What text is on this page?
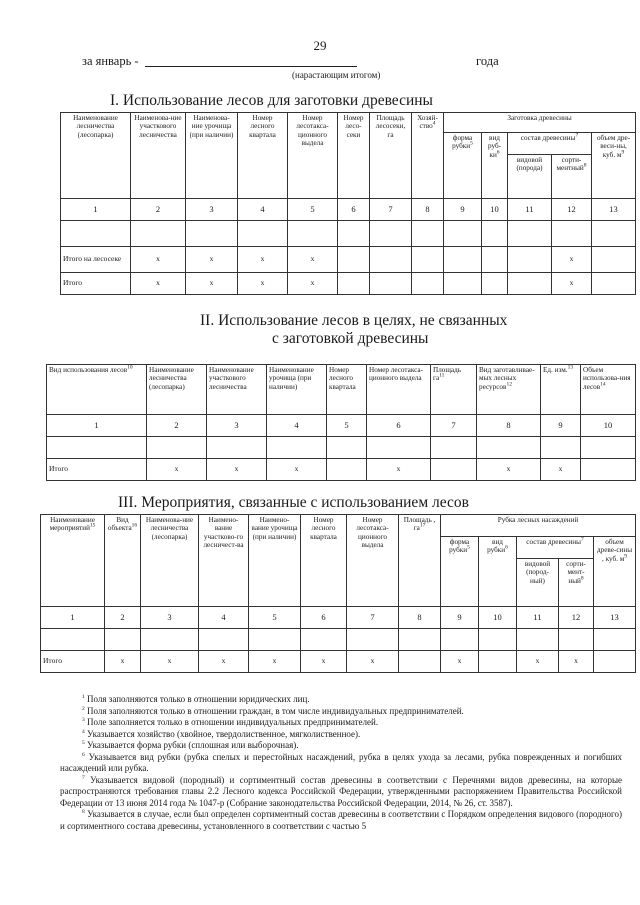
29
за январь -	года
(нарастающим итогом)
I. Использование лесов для заготовки древесины
Наименование лесничества (лесопарка)	Наименова-ние участкового лесничества	Наименова-ние урочища (при наличии)	Номер лесного квартала	Номер лесотакса-ционного выдела	Номер лесо-секи	Площадь лесосеки, га	Хозяй-ство$^4$	Заготовка древесины				
								форма рубки$^5$	вид руб-$ки^6$	состав древесины$^7$		объем дре-веси-ны, куб. $м^9$
										видовой (порода)	сорти-ментный$^8$
1	2	3	4	5	6	7	8	9	10	11	12	13

Итого на лесосеке	x	x	x	x							x	
Итого	x	x	x	x							x	
II. Использование лесов в целях, не связанных
с заготовкой древесины
Вид использования лесов$^{10}$	Наименование лесничества (лесопарка)	Наименование участкового лесничества	Наименование урочища (при наличии)	Номер лесного квартала	Номер лесотакса-ционного выдела	Площадь $га^{11}$	Вид заготавливае-мых лесных ресурсов$^{12}$	Ед. изм.$^{13}$	Объем использова-ния лесов$^{14}$
1	2	3	4	5	6	7	8	9	10

Итого	x	x	x		x		x	x	
III. Мероприятия, связанные с использованием лесов
Наименование мероприятий$^{15}$	Вид объекта$^{16}$	Наименова-ние лесничества (лесопарка)	Наимено-вание участково-го лесничест-ва	Наимено-вание урочища (при наличии)	Номер лесного квартала	Номер лесотакса-ционного выдела	Площадь , $га^{17}$	Рубка лесных насаждений				
								форма рубки$^5$	вид рубки$^6$	состав древесины$^7$		объем древе-сины , куб. $м^9$
										видовой (пород-ный)	сорти-мент-ный$^8$
1	2	3	4	5	6	7	8	9	10	11	12	13

Итого	x	x	x	x	x	x		x		x	x	

$^1$ Поля заполняются только в отношении юридических лиц.

$^2$ Поля заполняются только в отношении граждан, в том числе индивидуальных предпринимателей.

$^3$ Поле заполняется только в отношении индивидуальных предпринимателей.

$^4$ Указывается хозяйство (хвойное, твердолиственное, мягколиственное).

$^5$ Указывается форма рубки (сплошная или выборочная).

$^6$ Указывается вид рубки (рубка спелых и перестойных насаждений, рубка в целях ухода за лесами, рубка поврежденных и погибших насаждений или рубка.

$^7$ Указывается видовой (породный) и сортиментный состав древесины в соответствии с Перечнями видов древесины, на которые распространяются требования главы 2.2 Лесного кодекса Российской Федерации, утвержденными распоряжением Правительства Российской Федерации от 13 июня 2014 года № 1047-р (Собрание законодательства Российской Федерации, 2014, № 26, ст. 3587).

$^8$ Указывается в случае, если был определен сортиментный состав древесины в соответствии с Порядком определения видового (породного) и сортиментного состава древесины, установленного в соответствии с частью 5
